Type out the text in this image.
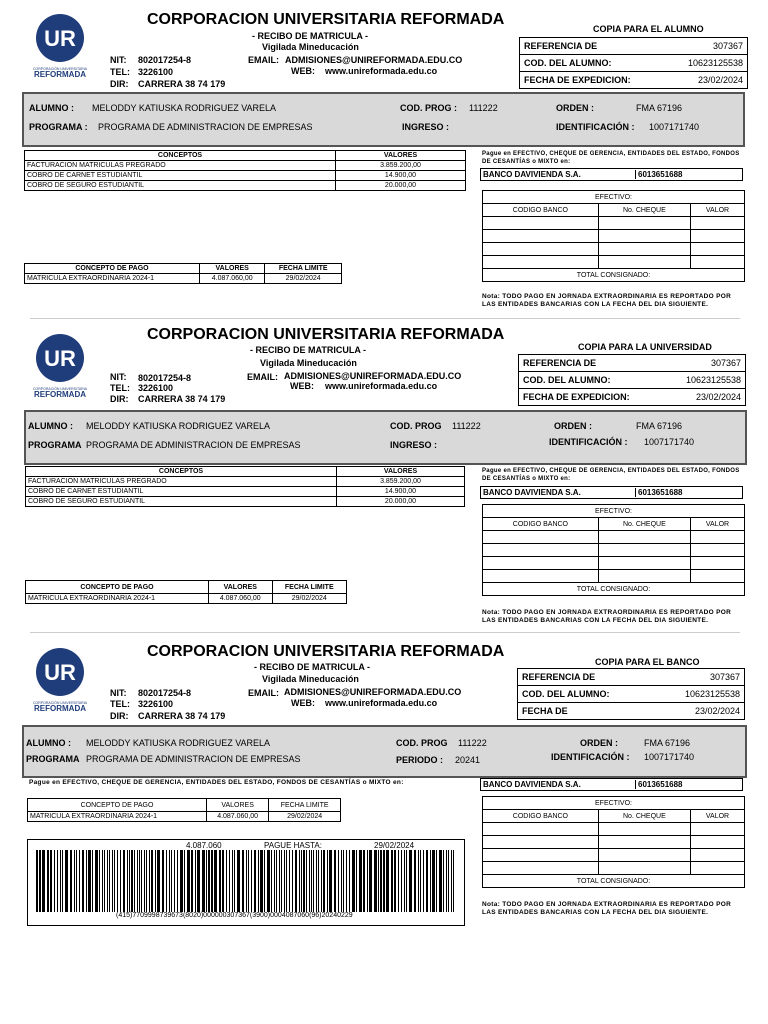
UR
CORPORACIÓN UNIVERSITARIA
REFORMADA
CORPORACION UNIVERSITARIA REFORMADA
- RECIBO DE MATRICULA -
Vigilada Mineducación
NIT: 802017254-8
TEL: 3226100
DIR: CARRERA 38 74 179
EMAIL: ADMISIONES@UNIREFORMADA.EDU.CO
WEB: www.unireformada.edu.co
COPIA PARA EL ALUMNO
REFERENCIA DE	307367
COD. DEL ALUMNO:	10623125538
FECHA DE EXPEDICION:	23/02/2024
ALUMNO : MELODDY KATIUSKA RODRIGUEZ VARELA
PROGRAMA : PROGRAMA DE ADMINISTRACION DE EMPRESAS
COD. PROG : 111222
INGRESO :
ORDEN :	FMA 67196
IDENTIFICACIÓN : 1007171740
CONCEPTOS	VALORES
FACTURACION MATRICULAS PREGRADO	3.859.200,00
COBRO DE CARNET ESTUDIANTIL	14.900,00
COBRO DE SEGURO ESTUDIANTIL	20.000,00
CONCEPTO DE PAGO	VALORES	FECHA LIMITE
MATRICULA EXTRAORDINARIA 2024-1	4.087.060,00	29/02/2024
Pague en EFECTIVO, CHEQUE DE GERENCIA, ENTIDADES DEL ESTADO, FONDOS DE CESANTÍAS o MIXTO en:
BANCO DAVIVIENDA S.A.	6013651688
EFECTIVO:		
CODIGO BANCO	No. CHEQUE	VALOR

TOTAL CONSIGNADO:		
Nota: TODO PAGO EN JORNADA EXTRAORDINARIA ES REPORTADO POR LAS ENTIDADES BANCARIAS CON LA FECHA DEL DIA SIGUIENTE.
UR
CORPORACIÓN UNIVERSITARIA
REFORMADA
CORPORACION UNIVERSITARIA REFORMADA
- RECIBO DE MATRICULA -
Vigilada Mineducación
NIT: 802017254-8
TEL: 3226100
DIR: CARRERA 38 74 179
EMAIL: ADMISIONES@UNIREFORMADA.EDU.CO
WEB: www.unireformada.edu.co
COPIA PARA LA UNIVERSIDAD
REFERENCIA DE	307367
COD. DEL ALUMNO:	10623125538
FECHA DE EXPEDICION:	23/02/2024
ALUMNO : MELODDY KATIUSKA RODRIGUEZ VARELA
PROGRAMA PROGRAMA DE ADMINISTRACION DE EMPRESAS
COD. PROG 111222
INGRESO :
ORDEN :	FMA 67196
IDENTIFICACIÓN : 1007171740
CONCEPTOS	VALORES
FACTURACION MATRICULAS PREGRADO	3.859.200,00
COBRO DE CARNET ESTUDIANTIL	14.900,00
COBRO DE SEGURO ESTUDIANTIL	20.000,00
CONCEPTO DE PAGO	VALORES	FECHA LIMITE
MATRICULA EXTRAORDINARIA 2024-1	4.087.060,00	29/02/2024
Pague en EFECTIVO, CHEQUE DE GERENCIA, ENTIDADES DEL ESTADO, FONDOS DE CESANTÍAS o MIXTO en:
BANCO DAVIVIENDA S.A.	6013651688
EFECTIVO:		
CODIGO BANCO	No. CHEQUE	VALOR

TOTAL CONSIGNADO:		
Nota: TODO PAGO EN JORNADA EXTRAORDINARIA ES REPORTADO POR LAS ENTIDADES BANCARIAS CON LA FECHA DEL DIA SIGUIENTE.
UR
CORPORACIÓN UNIVERSITARIA
REFORMADA
CORPORACION UNIVERSITARIA REFORMADA
- RECIBO DE MATRICULA -
Vigilada Mineducación
NIT: 802017254-8
TEL: 3226100
DIR: CARRERA 38 74 179
EMAIL: ADMISIONES@UNIREFORMADA.EDU.CO
WEB: www.unireformada.edu.co
COPIA PARA EL BANCO
REFERENCIA DE	307367
COD. DEL ALUMNO:	10623125538
FECHA DE	23/02/2024
ALUMNO : MELODDY KATIUSKA RODRIGUEZ VARELA
PROGRAMA PROGRAMA DE ADMINISTRACION DE EMPRESAS
COD. PROG 111222
PERIODO : 20241
ORDEN :	FMA 67196
IDENTIFICACIÓN : 1007171740
Pague en EFECTIVO, CHEQUE DE GERENCIA, ENTIDADES DEL ESTADO, FONDOS DE CESANTÍAS o MIXTO en:
CONCEPTO DE PAGO	VALORES	FECHA LIMITE
MATRICULA EXTRAORDINARIA 2024-1	4.087.060,00	29/02/2024
4.087.060	PAGUE HASTA:	29/02/2024
(415)7709998739673(8020)000000307367(3900)0004087060(96)20240229
BANCO DAVIVIENDA S.A.	6013651688
EFECTIVO:		
CODIGO BANCO	No. CHEQUE	VALOR

TOTAL CONSIGNADO:		
Nota: TODO PAGO EN JORNADA EXTRAORDINARIA ES REPORTADO POR LAS ENTIDADES BANCARIAS CON LA FECHA DEL DIA SIGUIENTE.
